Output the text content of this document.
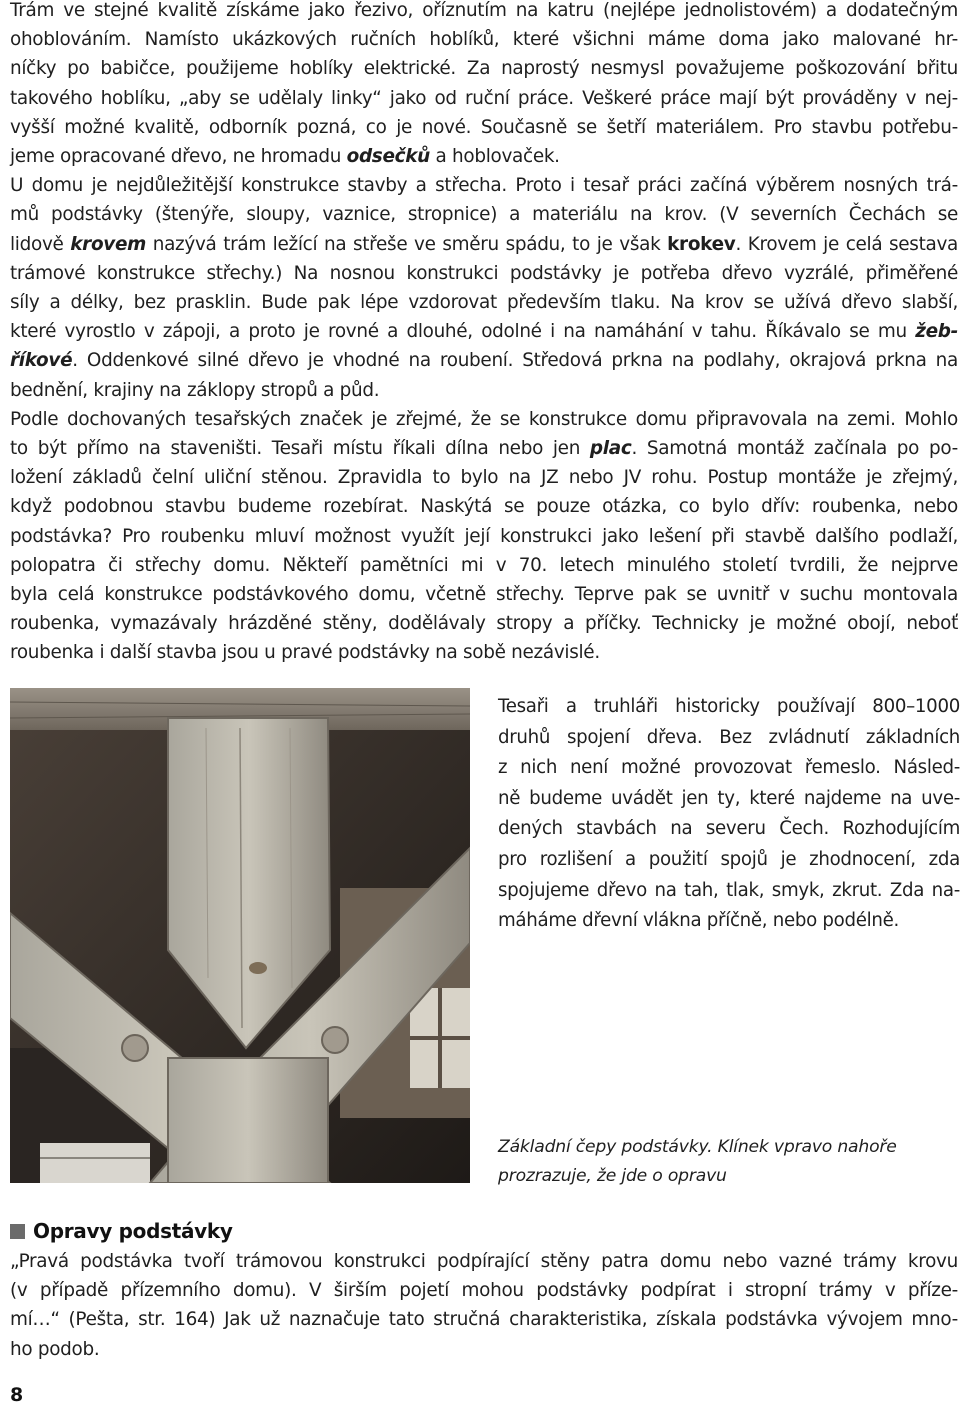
Trám ve stejné kvalitě získáme jako řezivo, oříznutím na katru (nejlépe jednolistovém) a dodatečným
ohoblováním. Namísto ukázkových ručních hoblíků, které všichni máme doma jako malované hr-
níčky po babičce, použijeme hoblíky elektrické. Za naprostý nesmysl považujeme poškozování břitu
takového hoblíku, „aby se udělaly linky“ jako od ruční práce. Veškeré práce mají být prováděny v nej-
vyšší možné kvalitě, odborník pozná, co je nové. Současně se šetří materiálem. Pro stavbu potřebu-
jeme opracované dřevo, ne hromadu odsečků a hoblovaček.
U domu je nejdůležitější konstrukce stavby a střecha. Proto i tesař práci začíná výběrem nosných trá-
mů podstávky (štenýře, sloupy, vaznice, stropnice) a materiálu na krov. (V severních Čechách se
lidově krovem nazývá trám ležící na střeše ve směru spádu, to je však krokev. Krovem je celá sestava
trámové konstrukce střechy.) Na nosnou konstrukci podstávky je potřeba dřevo vyzrálé, přiměřené
síly a délky, bez prasklin. Bude pak lépe vzdorovat především tlaku. Na krov se užívá dřevo slabší,
které vyrostlo v zápoji, a proto je rovné a dlouhé, odolné i na namáhání v tahu. Říkávalo se mu žeb-
říkové. Oddenkové silné dřevo je vhodné na roubení. Středová prkna na podlahy, okrajová prkna na
bednění, krajiny na záklopy stropů a půd.
Podle dochovaných tesařských značek je zřejmé, že se konstrukce domu připravovala na zemi. Mohlo
to být přímo na staveništi. Tesaři místu říkali dílna nebo jen plac. Samotná montáž začínala po po-
ložení základů čelní uliční stěnou. Zpravidla to bylo na JZ nebo JV rohu. Postup montáže je zřejmý,
když podobnou stavbu budeme rozebírat. Naskýtá se pouze otázka, co bylo dřív: roubenka, nebo
podstávka? Pro roubenku mluví možnost využít její konstrukci jako lešení při stavbě dalšího podlaží,
polopatra či střechy domu. Někteří pamětníci mi v 70. letech minulého století tvrdili, že nejprve
byla celá konstrukce podstávkového domu, včetně střechy. Teprve pak se uvnitř v suchu montovala
roubenka, vymazávaly hrázděné stěny, dodělávaly stropy a příčky. Technicky je možné obojí, neboť
roubenka i další stavba jsou u pravé podstávky na sobě nezávislé.
Tesaři a truhláři historicky používají 800–1000
druhů spojení dřeva. Bez zvládnutí základních
z nich není možné provozovat řemeslo. Násled-
ně budeme uvádět jen ty, které najdeme na uve-
dených stavbách na severu Čech. Rozhodujícím
pro rozlišení a použití spojů je zhodnocení, zda
spojujeme dřevo na tah, tlak, smyk, zkrut. Zda na-
máháme dřevní vlákna příčně, nebo podélně.
Základní čepy podstávky. Klínek vpravo nahoře
prozrazuje, že jde o opravu
Opravy podstávky
„Pravá podstávka tvoří trámovou konstrukci podpírající stěny patra domu nebo vazné trámy krovu
(v případě přízemního domu). V širším pojetí mohou podstávky podpírat i stropní trámy v přízе-
mí…“ (Pešta, str. 164) Jak už naznačuje tato stručná charakteristika, získala podstávka vývojem mno-
ho podob.
8
